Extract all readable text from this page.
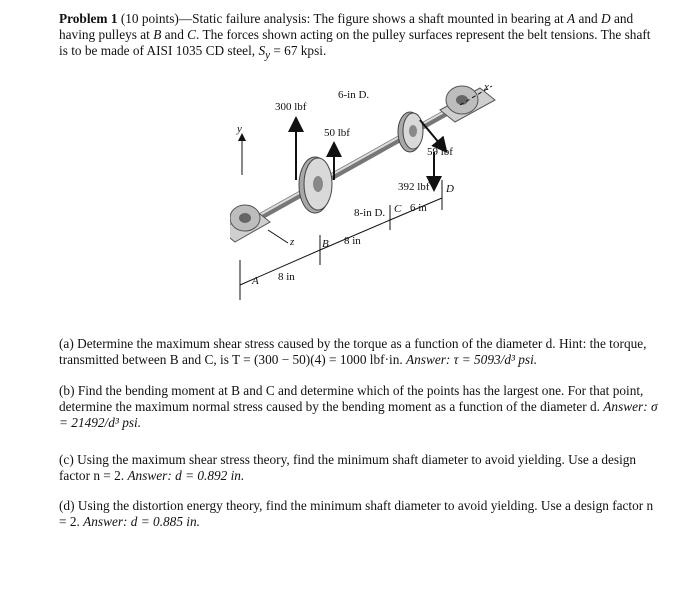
Problem 1 (10 points)—Static failure analysis: The figure shows a shaft mounted in bearing at A and D and having pulleys at B and C. The forces shown acting on the pulley surfaces represent the belt tensions. The shaft is to be made of AISI 1035 CD steel, $S_y = 67$ kpsi.
6-in D.
300 lbf
50 lbf
59 lbf
392 lbf
8-in D. 6 in
8 in
8 in
x
y
z
A
B
C
D
(a) Determine the maximum shear stress caused by the torque as a function of the diameter d. Hint: the torque, transmitted between B and C, is T = (300 − 50)(4) = 1000 lbf·in. Answer: τ = 5093/d³ psi.
(b) Find the bending moment at B and C and determine which of the points has the largest one. For that point, determine the maximum normal stress caused by the bending moment as a function of the diameter d. Answer: σ = 21492/d³ psi.
(c) Using the maximum shear stress theory, find the minimum shaft diameter to avoid yielding. Use a design factor n = 2. Answer: d = 0.892 in.
(d) Using the distortion energy theory, find the minimum shaft diameter to avoid yielding. Use a design factor n = 2. Answer: d = 0.885 in.
